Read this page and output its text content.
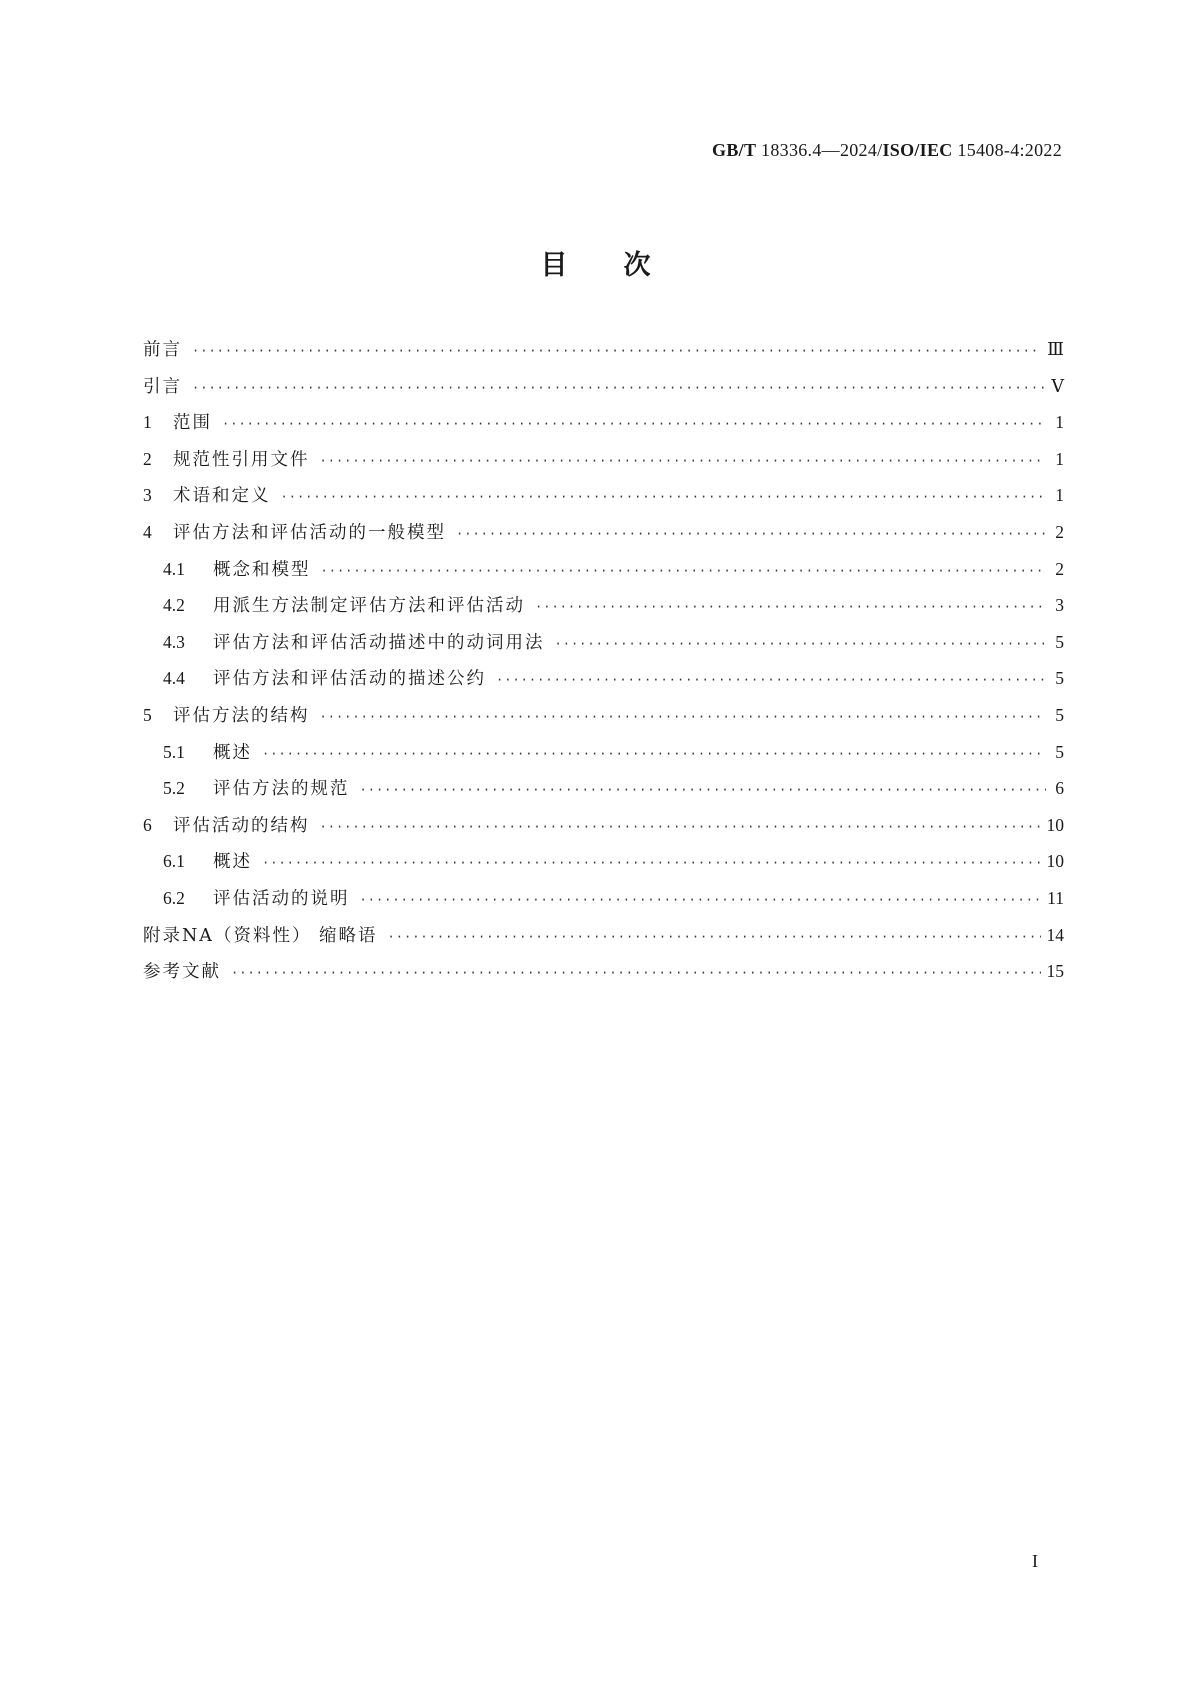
GB/T 18336.4—2024/ISO/IEC 15408-4:2022
目次
前言 ·····	Ⅲ
引言 ·····	Ⅴ
1	范围 ·····	1
2	规范性引用文件 ·····	1
3	术语和定义 ·····	1
4	评估方法和评估活动的一般模型 ·····	2
4.1	概念和模型 ·····	2
4.2	用派生方法制定评估方法和评估活动 ·····	3
4.3	评估方法和评估活动描述中的动词用法 ·····	5
4.4	评估方法和评估活动的描述公约 ·····	5
5	评估方法的结构 ·····	5
5.1	概述 ·····	5
5.2	评估方法的规范 ·····	6
6	评估活动的结构 ·····	10
6.1	概述 ·····	10
6.2	评估活动的说明 ·····	11
附录NA（资料性） 缩略语 ·····	14
参考文献 ·····	15
I
